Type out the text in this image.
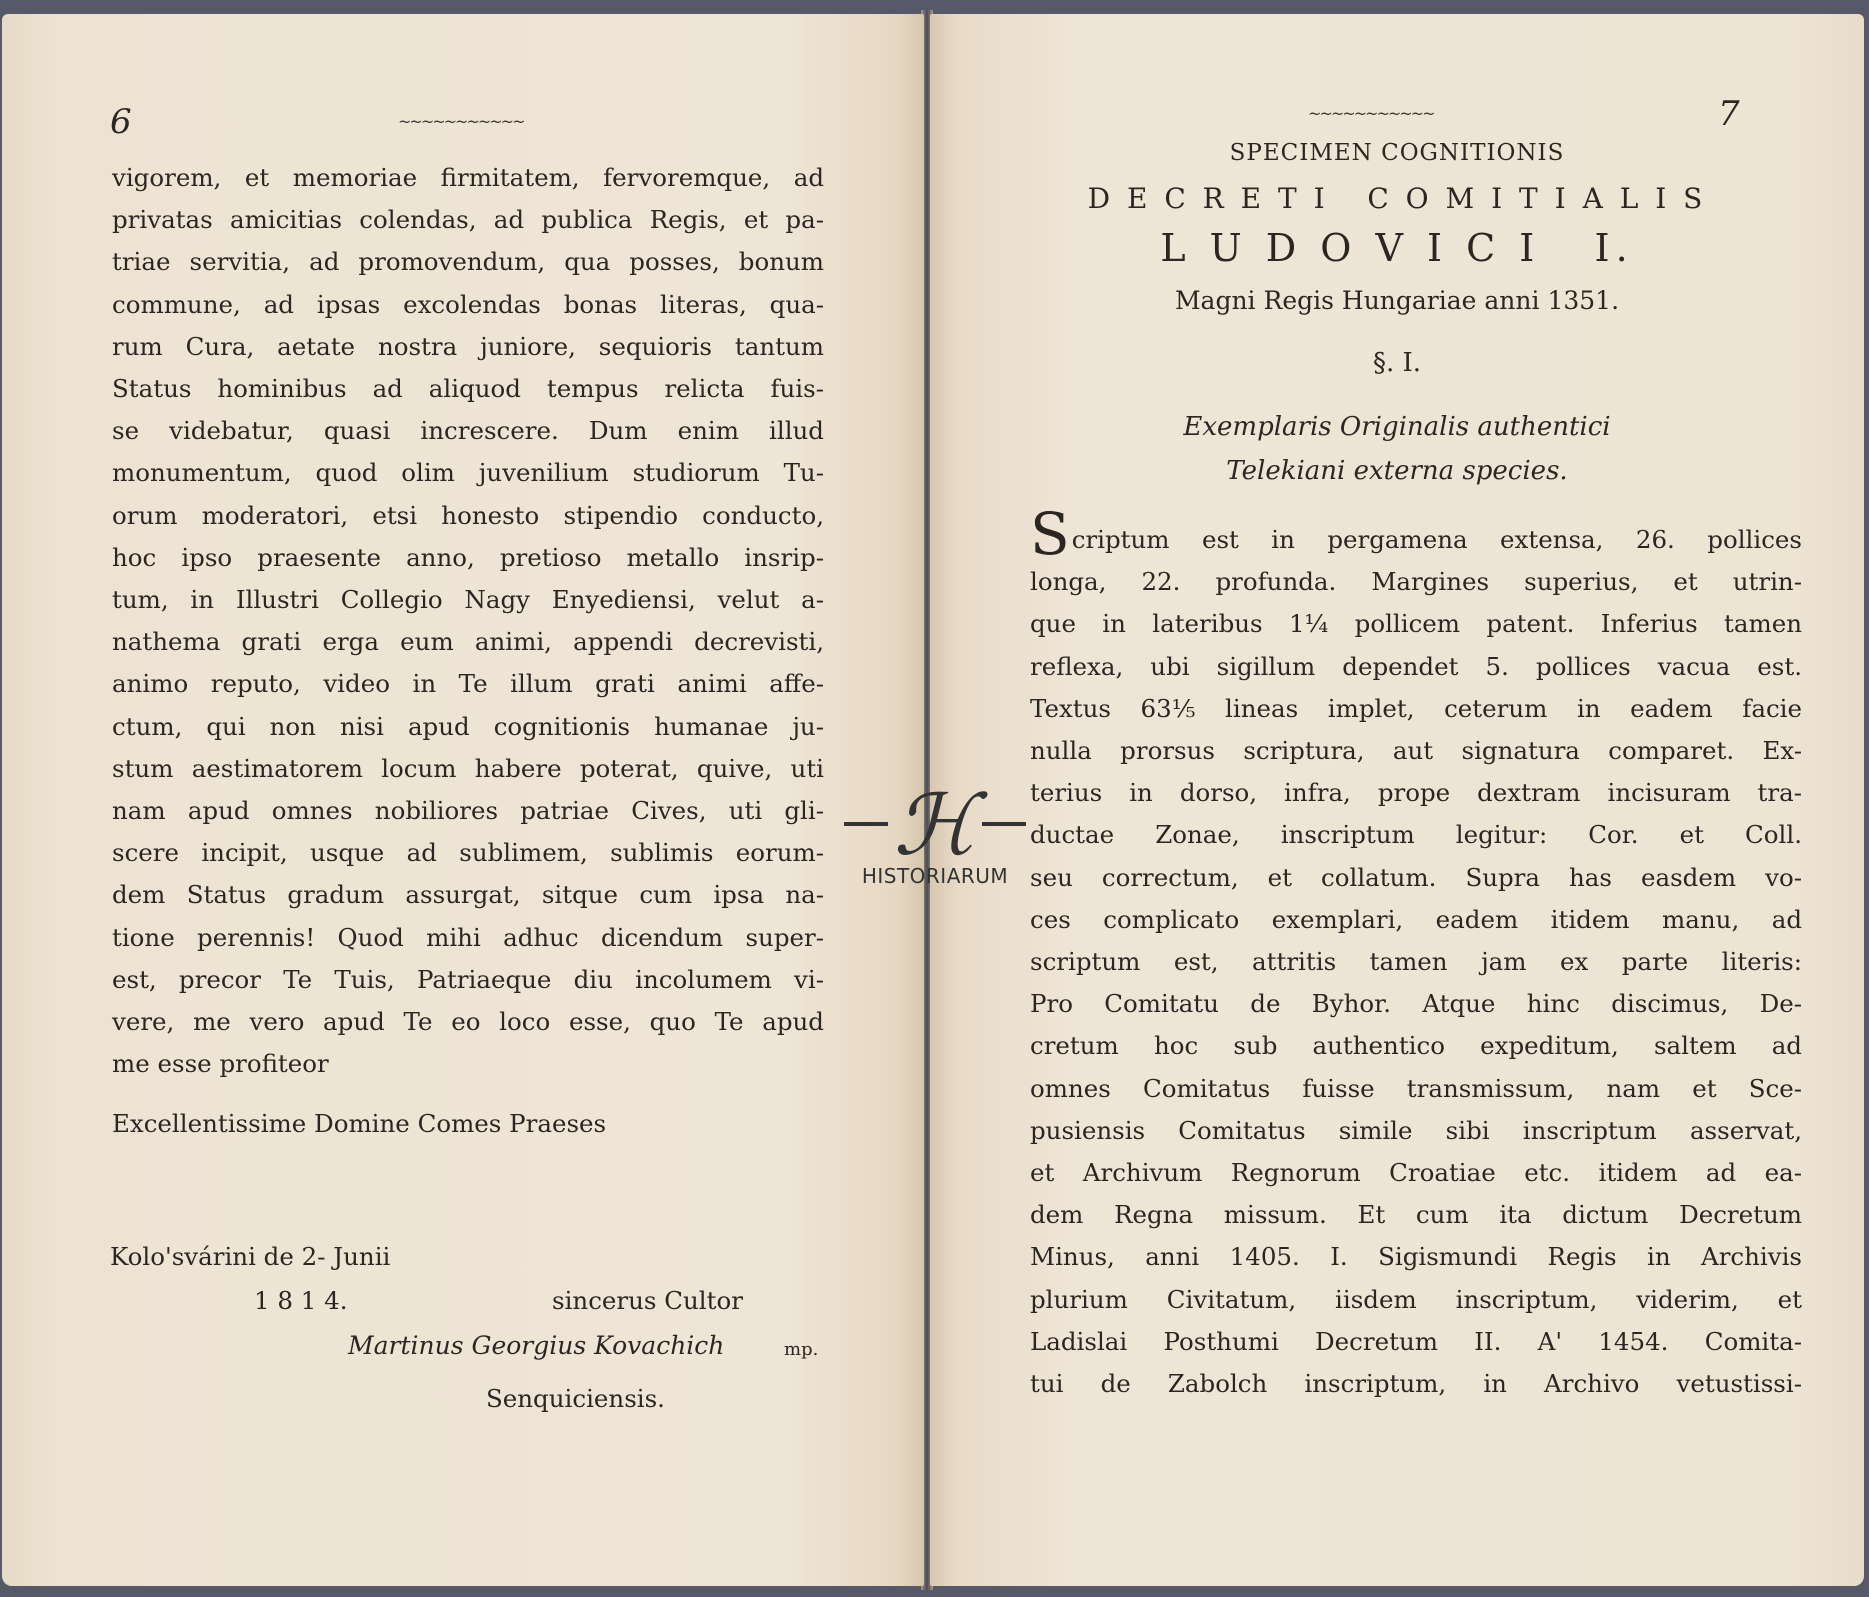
6	~~~~~~~~~~~
vigorem, et memoriae firmitatem, fervoremque, ad
privatas amicitias colendas, ad publica Regis, et pa-
triae servitia, ad promovendum, qua posses, bonum
commune, ad ipsas excolendas bonas literas, qua-
rum Cura, aetate nostra juniore, sequioris tantum
Status hominibus ad aliquod tempus relicta fuis-
se videbatur, quasi increscere. Dum enim illud
monumentum, quod olim juvenilium studiorum Tu-
orum moderatori, etsi honesto stipendio conducto,
hoc ipso praesente anno, pretioso metallo insrip-
tum, in Illustri Collegio Nagy Enyediensi, velut a-
nathema grati erga eum animi, appendi decrevisti,
animo reputo, video in Te illum grati animi affe-
ctum, qui non nisi apud cognitionis humanae ju-
stum aestimatorem locum habere poterat, quive, uti
nam apud omnes nobiliores patriae Cives, uti gli-
scere incipit, usque ad sublimem, sublimis eorum-
dem Status gradum assurgat, sitque cum ipsa na-
tione perennis! Quod mihi adhuc dicendum super-
est, precor Te Tuis, Patriaeque diu incolumem vi-
vere, me vero apud Te eo loco esse, quo Te apud
me esse profiteor
Excellentissime Domine Comes Praeses
Kolo'svárini de 2- Junii
1 8 1 4.	sincerus Cultor
Martinus Georgius Kovachich	mp.
Senquiciensis.
~~~~~~~~~~~	7
SPECIMEN COGNITIONIS
D E C R E T I   C O M I T I A L I S
L U D O V I C I   I.
Magni Regis Hungariae anni 1351.
§. I.
Exemplaris Originalis authentici
Telekiani externa species.
Scriptum est in pergamena extensa, 26. pollices
longa, 22. profunda. Margines superius, et utrin-
que in lateribus 1¼ pollicem patent. Inferius tamen
reflexa, ubi sigillum dependet 5. pollices vacua est.
Textus 63⅕ lineas implet, ceterum in eadem facie
nulla prorsus scriptura, aut signatura comparet. Ex-
terius in dorso, infra, prope dextram incisuram tra-
ductae Zonae, inscriptum legitur: Cor. et Coll.
seu correctum, et collatum. Supra has easdem vo-
ces complicato exemplari, eadem itidem manu, ad
scriptum est, attritis tamen jam ex parte literis:
Pro Comitatu de Byhor. Atque hinc discimus, De-
cretum hoc sub authentico expeditum, saltem ad
omnes Comitatus fuisse transmissum, nam et Sce-
pusiensis Comitatus simile sibi inscriptum asservat,
et Archivum Regnorum Croatiae etc. itidem ad ea-
dem Regna missum. Et cum ita dictum Decretum
Minus, anni 1405. I. Sigismundi Regis in Archivis
plurium Civitatum, iisdem inscriptum, viderim, et
Ladislai Posthumi Decretum II. A' 1454. Comita-
tui de Zabolch inscriptum, in Archivo vetustissi-
ℋ
HISTORIARUM
